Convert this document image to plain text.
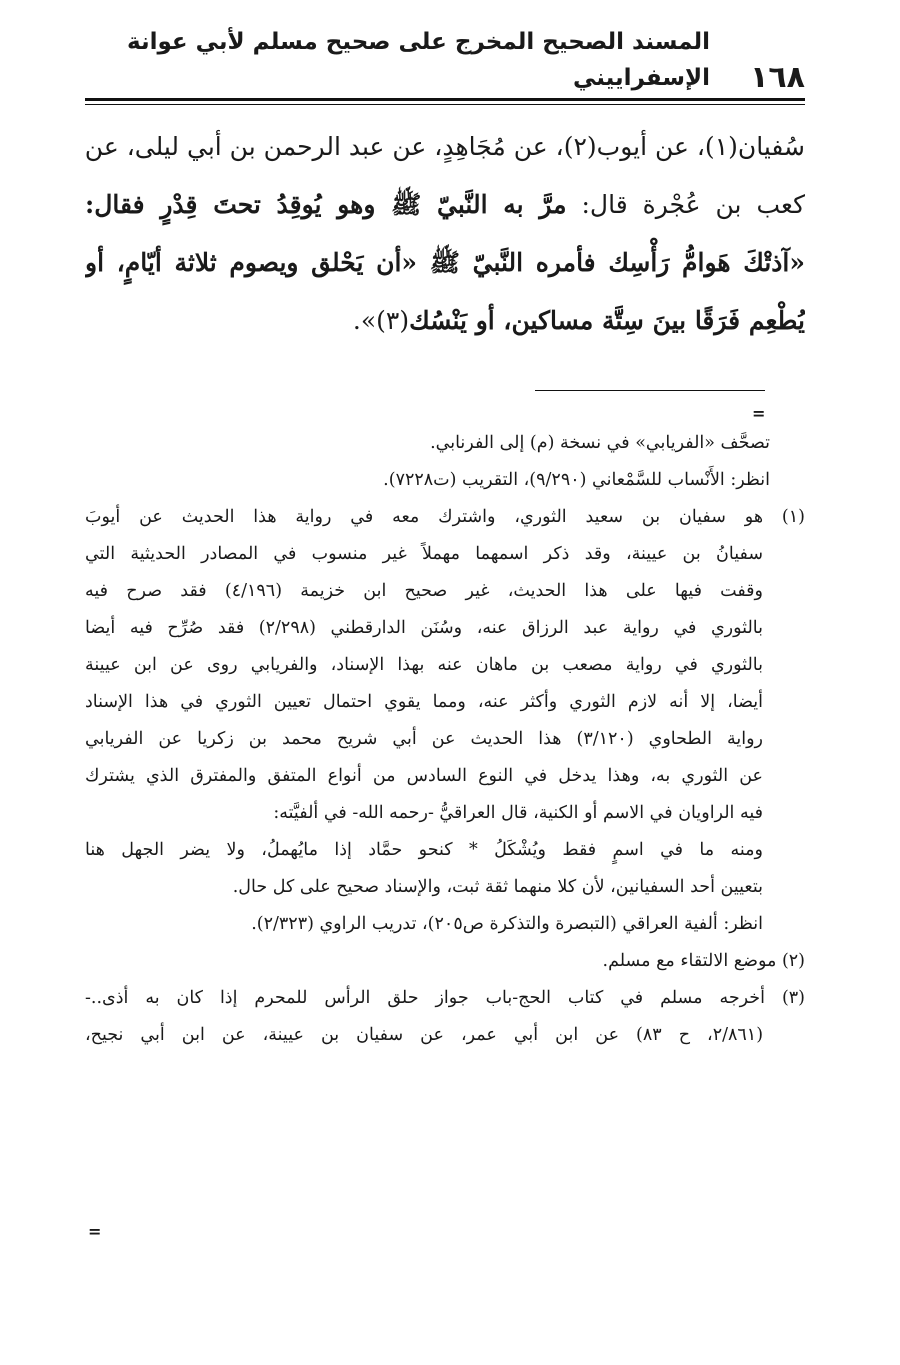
١٦٨
المسند الصحيح المخرج على صحيح مسلم لأبي عوانة الإسفراييني
سُفيان(١)، عن أيوب(٢)، عن مُجَاهِدٍ، عن عبد الرحمن بن أبي ليلى، عن
كعب بن عُجْرة قال: مرَّ به النَّبيّ ﷺ وهو يُوقِدُ تحتَ قِدْرٍ فقال:
«آذتْكَ هَوامُّ رَأْسِك فأمره النَّبيّ ﷺ «أن يَحْلق ويصوم ثلاثة أيّامٍ، أو
يُطْعِم فَرَقًا بينَ سِتَّة مساكين، أو يَنْسُك(٣)».
=
تصحَّف «الفريابي» في نسخة (م) إلى الفرنابي.
انظر: الأَنْساب للسَّمْعاني (٩/٢٩٠)، التقريب (ت٧٢٢٨).
(١) هو سفيان بن سعيد الثوري، واشترك معه في رواية هذا الحديث عن أيوبَ
سفيانُ بن عيينة، وقد ذكر اسمهما مهملاً غير منسوب في المصادر الحديثية التي
وقفت فيها على هذا الحديث، غير صحيح ابن خزيمة (٤/١٩٦) فقد صرح فيه
بالثوري في رواية عبد الرزاق عنه، وسُنَن الدارقطني (٢/٢٩٨) فقد صُرِّح فيه أيضا
بالثوري في رواية مصعب بن ماهان عنه بهذا الإسناد، والفريابي روى عن ابن عيينة
أيضا، إلا أنه لازم الثوري وأكثر عنه، ومما يقوي احتمال تعيين الثوري في هذا الإسناد
رواية الطحاوي (٣/١٢٠) هذا الحديث عن أبي شريح محمد بن زكريا عن الفريابي
عن الثوري به، وهذا يدخل في النوع السادس من أنواع المتفق والمفترق الذي يشترك
فيه الراويان في الاسم أو الكنية، قال العراقيُّ -رحمه الله- في ألفيَّته:
ومنه ما في اسمٍ فقط ويُشْكَلُ * كنحو حمَّاد إذا مايُهملُ، ولا يضر الجهل هنا
بتعيين أحد السفيانين، لأن كلا منهما ثقة ثبت، والإسناد صحيح على كل حال.
انظر: ألفية العراقي (التبصرة والتذكرة ص٢٠٥)، تدريب الراوي (٢/٣٢٣).
(٢) موضع الالتقاء مع مسلم.
(٣) أخرجه مسلم في كتاب الحج-باب جواز حلق الرأس للمحرم إذا كان به أذى..-
(٢/٨٦١، ح ٨٣) عن ابن أبي عمر، عن سفيان بن عيينة، عن ابن أبي نجيح،
=
